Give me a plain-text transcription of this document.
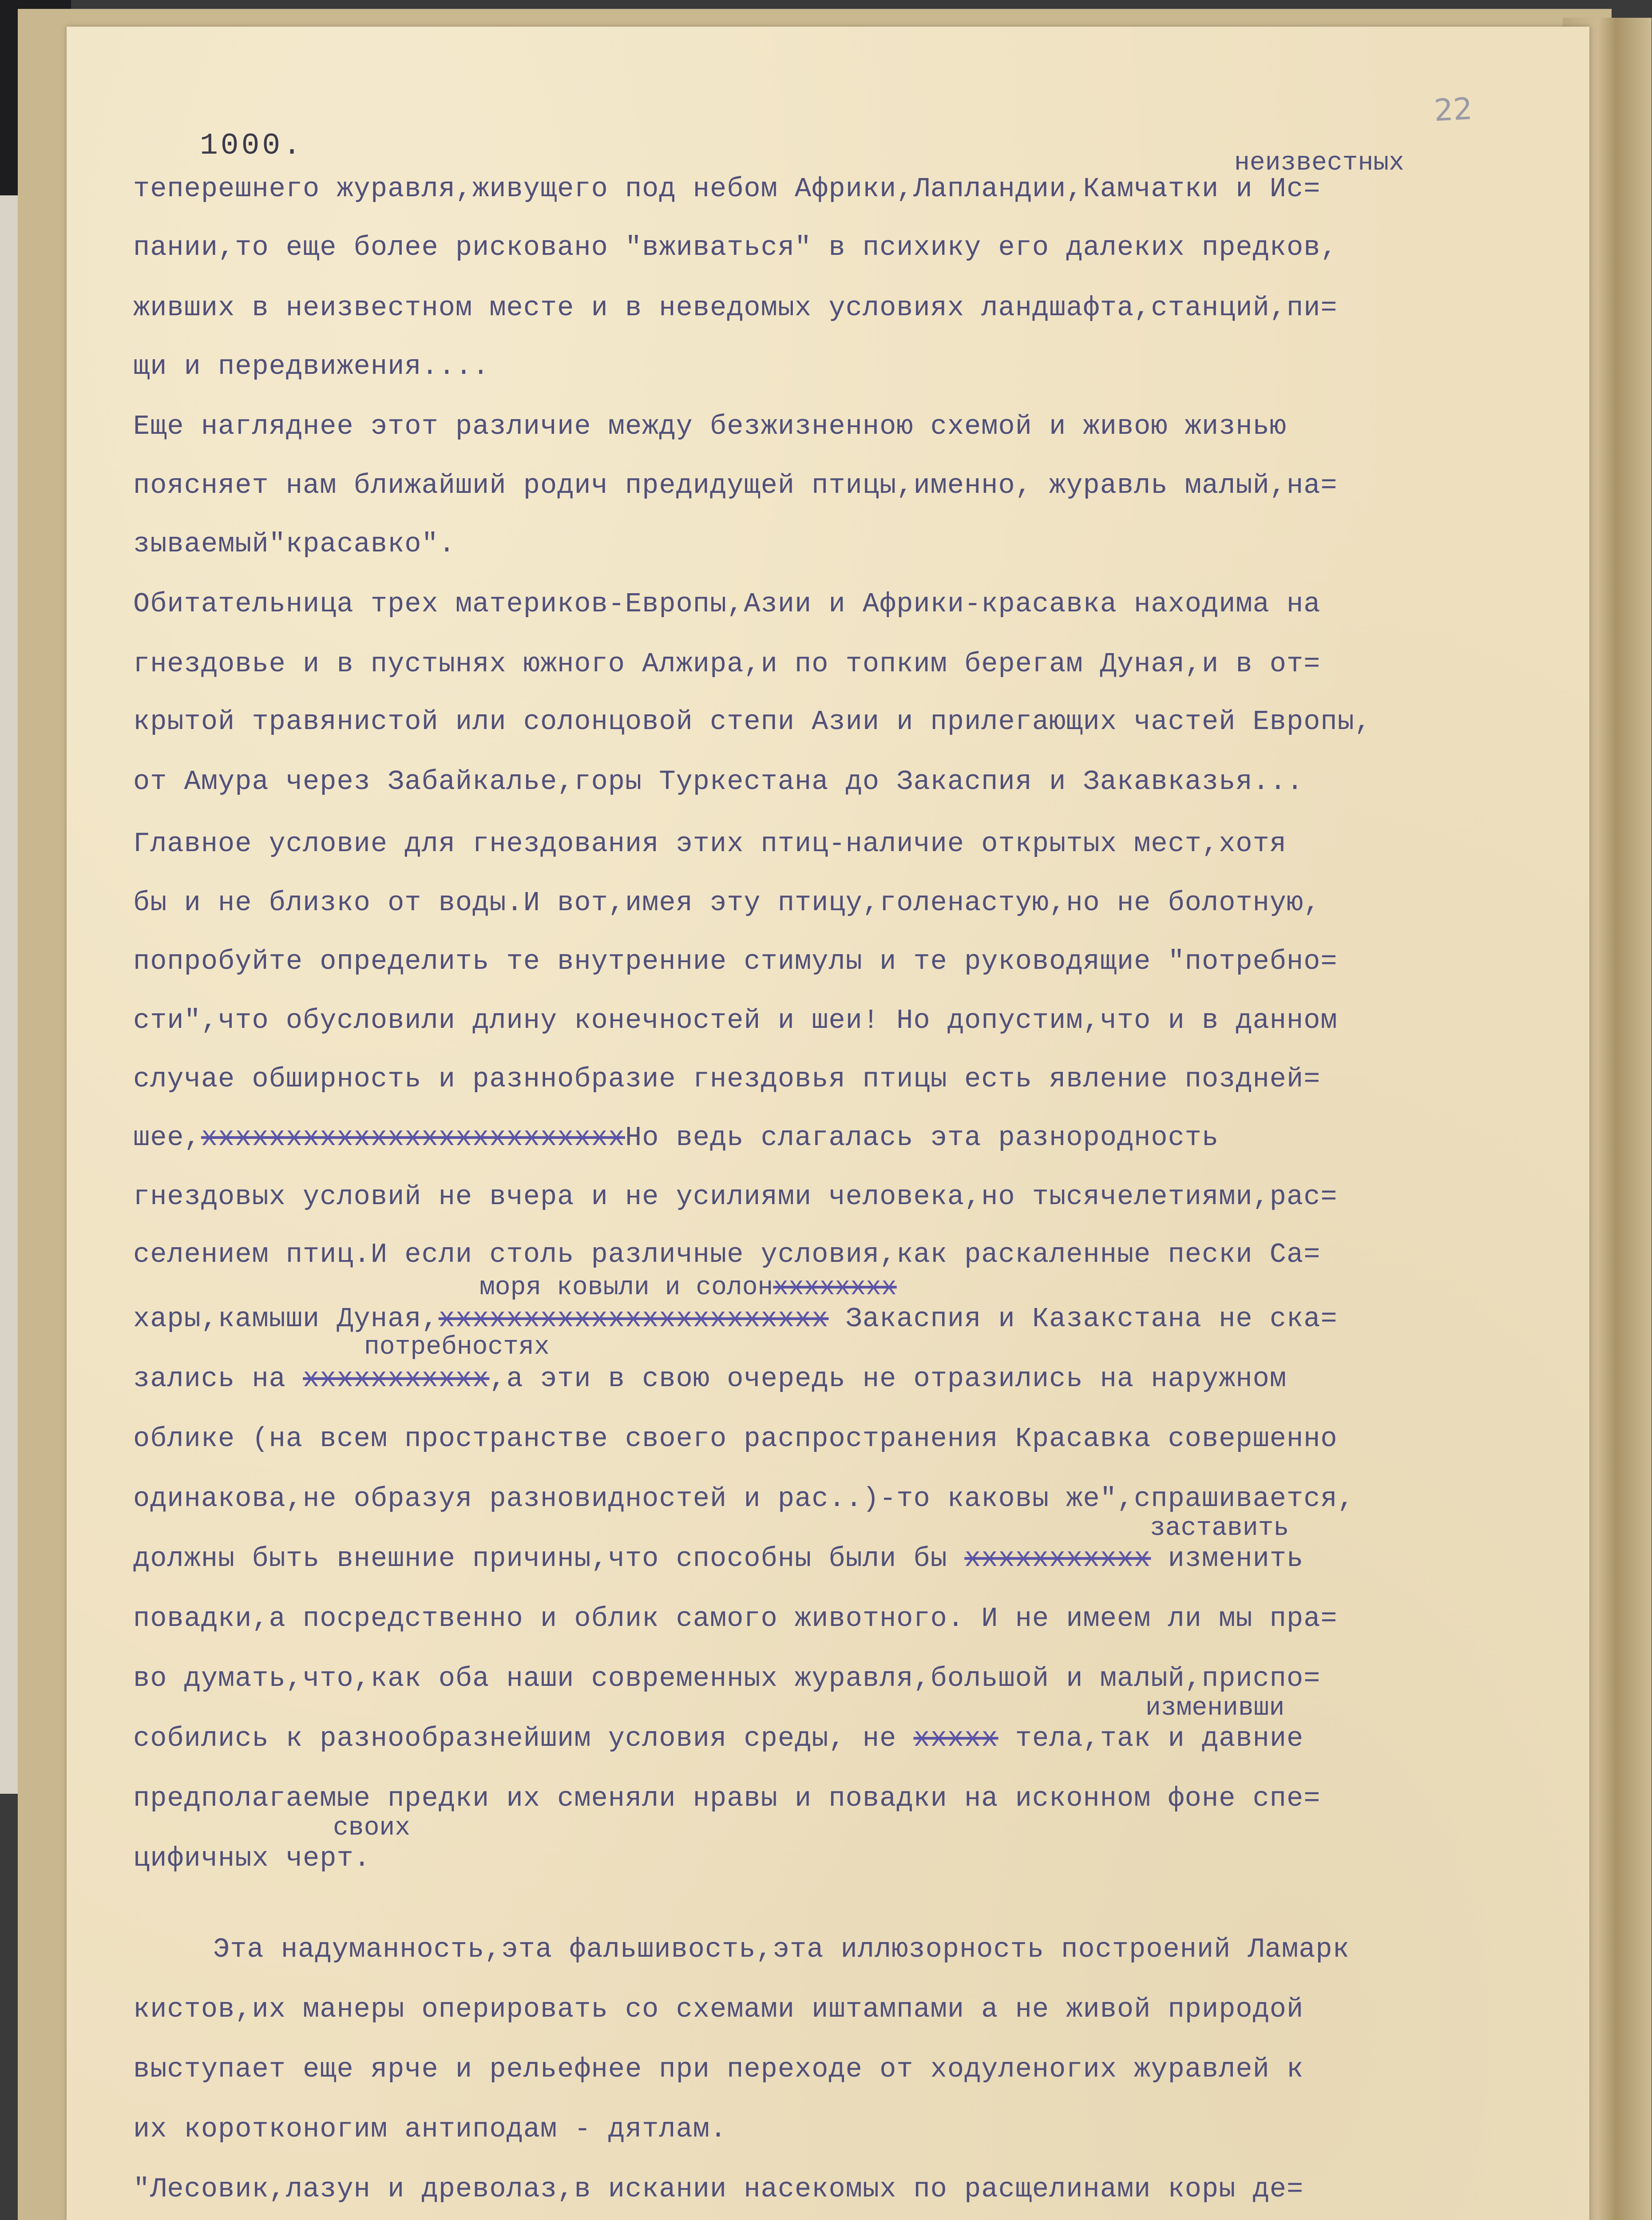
22
1000.

неизвестных

теперешнего журавля,живущего под небом Африки,Лапландии,Камчатки и Ис=

пании,то еще более рисковано "вживаться" в психику его далеких предков,

живших в неизвестном месте и в неведомых условиях ландшафта,станций,пи=

щи и передвижения....

Еще нагляднее этот различие между безжизненною схемой и живою жизнью

поясняет нам ближайший родич предидущей птицы,именно, журавль малый,на=

зываемый"красавко".

Обитательница трех материков-Европы,Азии и Африки-красавка находима на

гнездовье и в пустынях южного Алжира,и по топким берегам Дуная,и в от=

крытой травянистой или солонцовой степи Азии и прилегающих частей Европы,

от Амура через Забайкалье,горы Туркестана до Закаспия и Закавказья...

Главное условие для гнездования этих птиц-наличие открытых мест,хотя

бы и не близко от воды.И вот,имея эту птицу,голенастую,но не болотную,

попробуйте определить те внутренние стимулы и те руководящие "потребно=

сти",что обусловили длину конечностей и шеи! Но допустим,что и в данном

случае обширность и разннобразие гнездовья птицы есть явление поздней=

шее,xxxxxxxxxxxxxxxxxxxxxxxxxНо ведь слагалась эта разнородность

гнездовых условий не вчера и не усилиями человека,но тысячелетиями,рас=

селением птиц.И если столь различные условия,как раскаленные пески Са=

моря ковыли и солонxxxxxxxx

хары,камыши Дуная,xxxxxxxxxxxxxxxxxxxxxxx Закаспия и Казакстана не ска=

потребностях

зались на xxxxxxxxxxx,а эти в свою очередь не отразились на наружном

облике (на всем пространстве своего распространения Красавка совершенно

одинакова,не образуя разновидностей и рас..)-то каковы же",спрашивается,

заставить

должны быть внешние причины,что способны были бы xxxxxxxxxxx изменить

повадки,а посредственно и облик самого животного. И не имеем ли мы пра=

во думать,что,как оба наши современных журавля,большой и малый,приспо=

изменивши

собились к разнообразнейшим условия среды, не xxxxx тела,так и давние

предполагаемые предки их сменяли нравы и повадки на исконном фоне спе=

своих

цифичных черт.

Эта надуманность,эта фальшивость,эта иллюзорность построений Ламарк

кистов,их манеры оперировать со схемами иштампами а не живой природой

выступает еще ярче и рельефнее при переходе от ходуленогих журавлей к

их коротконогим антиподам - дятлам.

"Лесовик,лазун и древолаз,в искании насекомых по расщелинами коры де=
